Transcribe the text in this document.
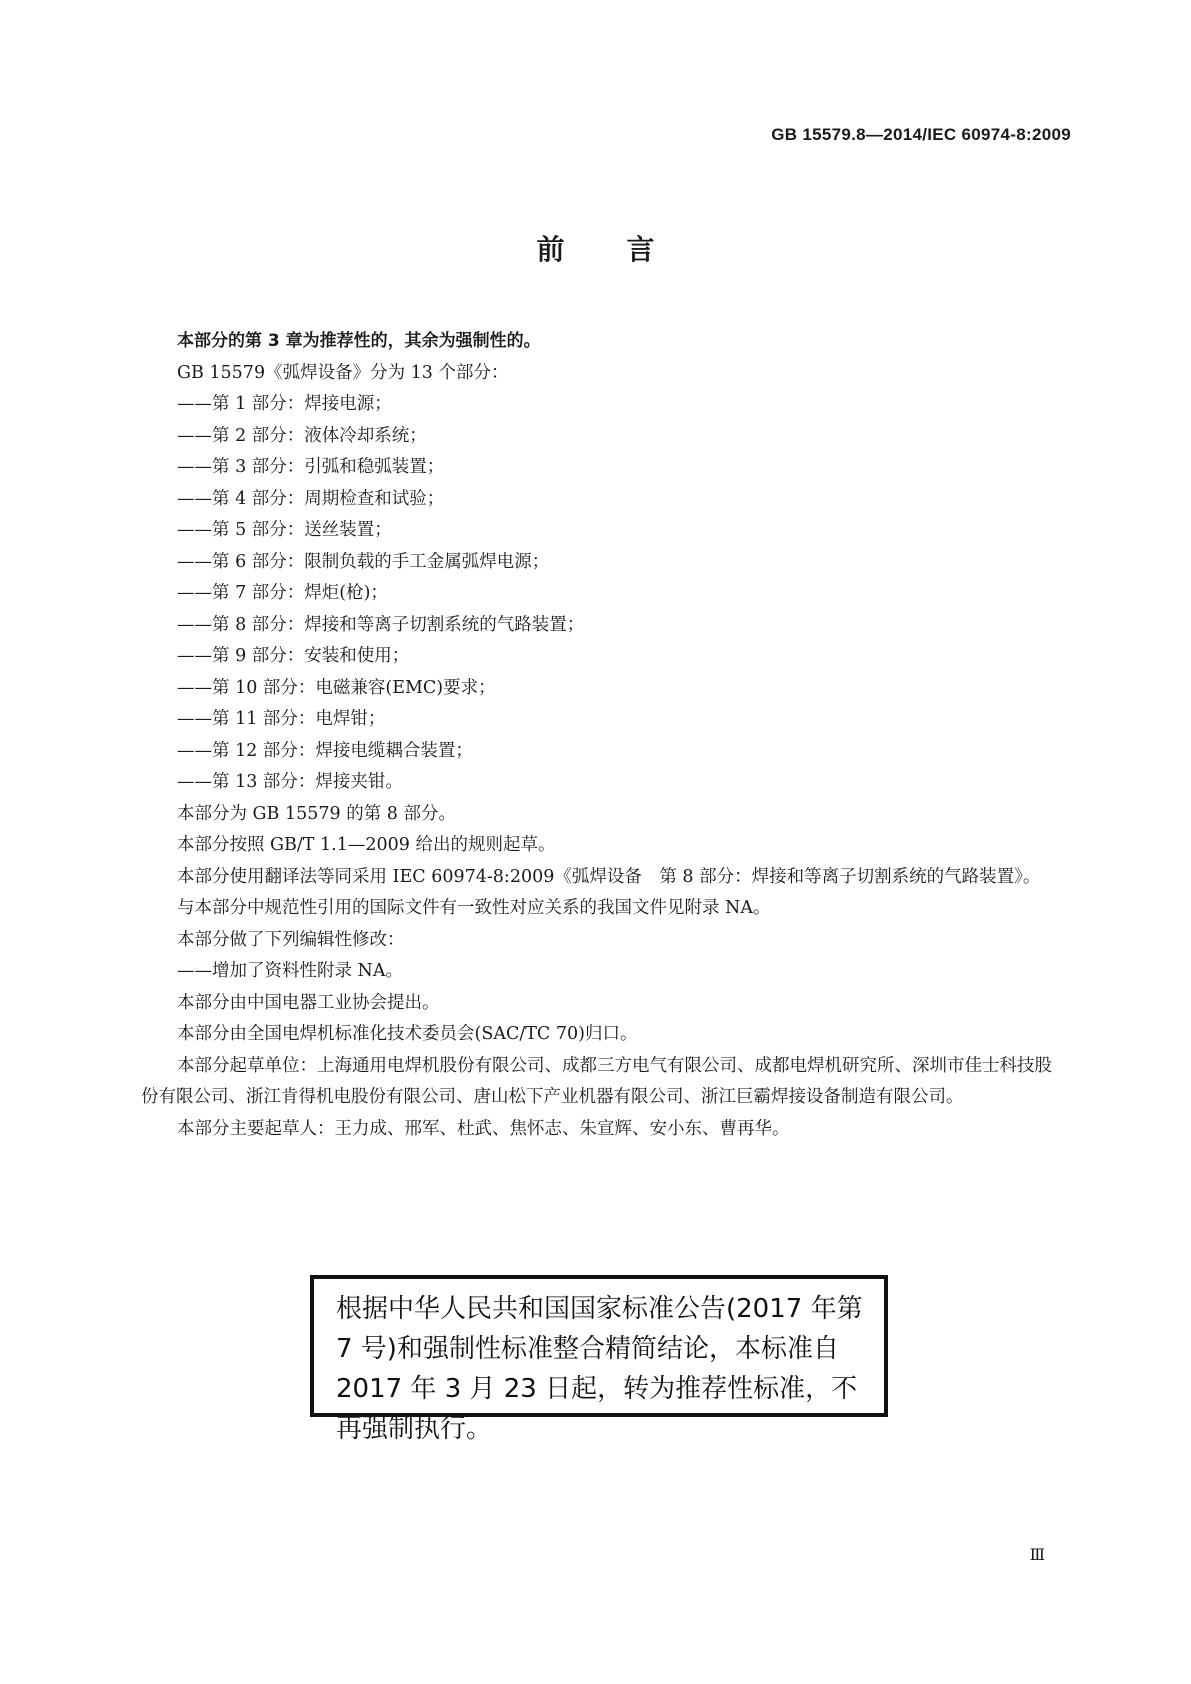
GB 15579.8—2014/IEC 60974-8:2009
前言

本部分的第 3 章为推荐性的，其余为强制性的。

GB 15579《弧焊设备》分为 13 个部分：

——第 1 部分：焊接电源；

——第 2 部分：液体冷却系统；

——第 3 部分：引弧和稳弧装置；

——第 4 部分：周期检查和试验；

——第 5 部分：送丝装置；

——第 6 部分：限制负载的手工金属弧焊电源；

——第 7 部分：焊炬(枪)；

——第 8 部分：焊接和等离子切割系统的气路装置；

——第 9 部分：安装和使用；

——第 10 部分：电磁兼容(EMC)要求；

——第 11 部分：电焊钳；

——第 12 部分：焊接电缆耦合装置；

——第 13 部分：焊接夹钳。

本部分为 GB 15579 的第 8 部分。

本部分按照 GB/T 1.1—2009 给出的规则起草。

本部分使用翻译法等同采用 IEC 60974-8:2009《弧焊设备　第 8 部分：焊接和等离子切割系统的气路装置》。

与本部分中规范性引用的国际文件有一致性对应关系的我国文件见附录 NA。

本部分做了下列编辑性修改：

——增加了资料性附录 NA。

本部分由中国电器工业协会提出。

本部分由全国电焊机标准化技术委员会(SAC/TC 70)归口。

本部分起草单位：上海通用电焊机股份有限公司、成都三方电气有限公司、成都电焊机研究所、深圳市佳士科技股份有限公司、浙江肯得机电股份有限公司、唐山松下产业机器有限公司、浙江巨霸焊接设备制造有限公司。

本部分主要起草人：王力成、邢军、杜武、焦怀志、朱宣辉、安小东、曹再华。

根据中华人民共和国国家标准公告(2017 年第 7 号)和强制性标准整合精简结论，本标准自 2017 年 3 月 23 日起，转为推荐性标准，不再强制执行。
Ⅲ
